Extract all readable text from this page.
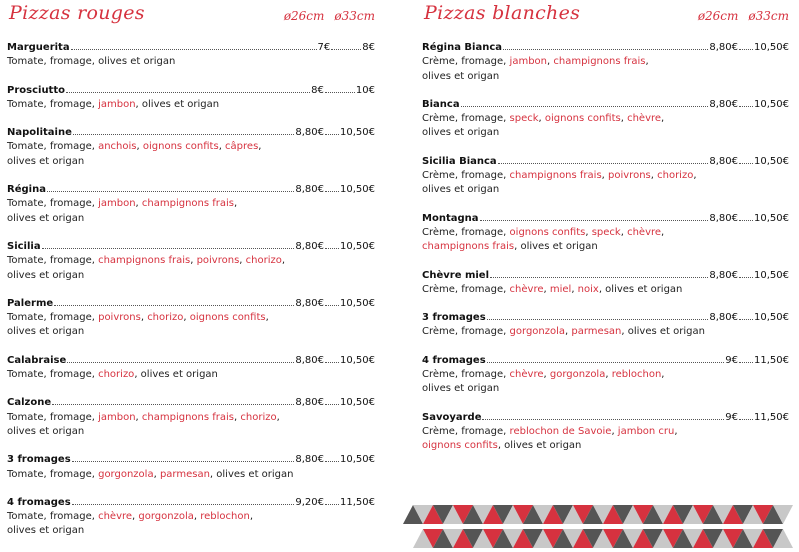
Pizzas rouges	ø26cm ø33cm
Marguerita	7€	8€
Tomate, fromage, olives et origan
Prosciutto	8€	10€
Tomate, fromage, jambon, olives et origan
Napolitaine	8,80€ 10,50€
Tomate, fromage, anchois, oignons confits, câpres,
olives et origan
Régina	8,80€ 10,50€
Tomate, fromage, jambon, champignons frais,
olives et origan
Sicilia	8,80€ 10,50€
Tomate, fromage, champignons frais, poivrons, chorizo,
olives et origan
Palerme	8,80€ 10,50€
Tomate, fromage, poivrons, chorizo, oignons confits,
olives et origan
Calabraise	8,80€ 10,50€
Tomate, fromage, chorizo, olives et origan
Calzone	8,80€ 10,50€
Tomate, fromage, jambon, champignons frais, chorizo,
olives et origan
3 fromages	8,80€ 10,50€
Tomate, fromage, gorgonzola, parmesan, olives et origan
4 fromages	9,20€ 11,50€
Tomate, fromage, chèvre, gorgonzola, reblochon,
olives et origan
Pizzas blanches	ø26cm ø33cm
Régina Bianca	8,80€ 10,50€
Crème, fromage, jambon, champignons frais,
olives et origan
Bianca	8,80€ 10,50€
Crème, fromage, speck, oignons confits, chèvre,
olives et origan
Sicilia Bianca	8,80€ 10,50€
Crème, fromage, champignons frais, poivrons, chorizo,
olives et origan
Montagna	8,80€ 10,50€
Crème, fromage, oignons confits, speck, chèvre,
champignons frais, olives et origan
Chèvre miel	8,80€ 10,50€
Crème, fromage, chèvre, miel, noix, olives et origan
3 fromages	8,80€ 10,50€
Crème, fromage, gorgonzola, parmesan, olives et origan
4 fromages	9€ 11,50€
Crème, fromage, chèvre, gorgonzola, reblochon,
olives et origan
Savoyarde	9€ 11,50€
Crème, fromage, reblochon de Savoie, jambon cru,
oignons confits, olives et origan
